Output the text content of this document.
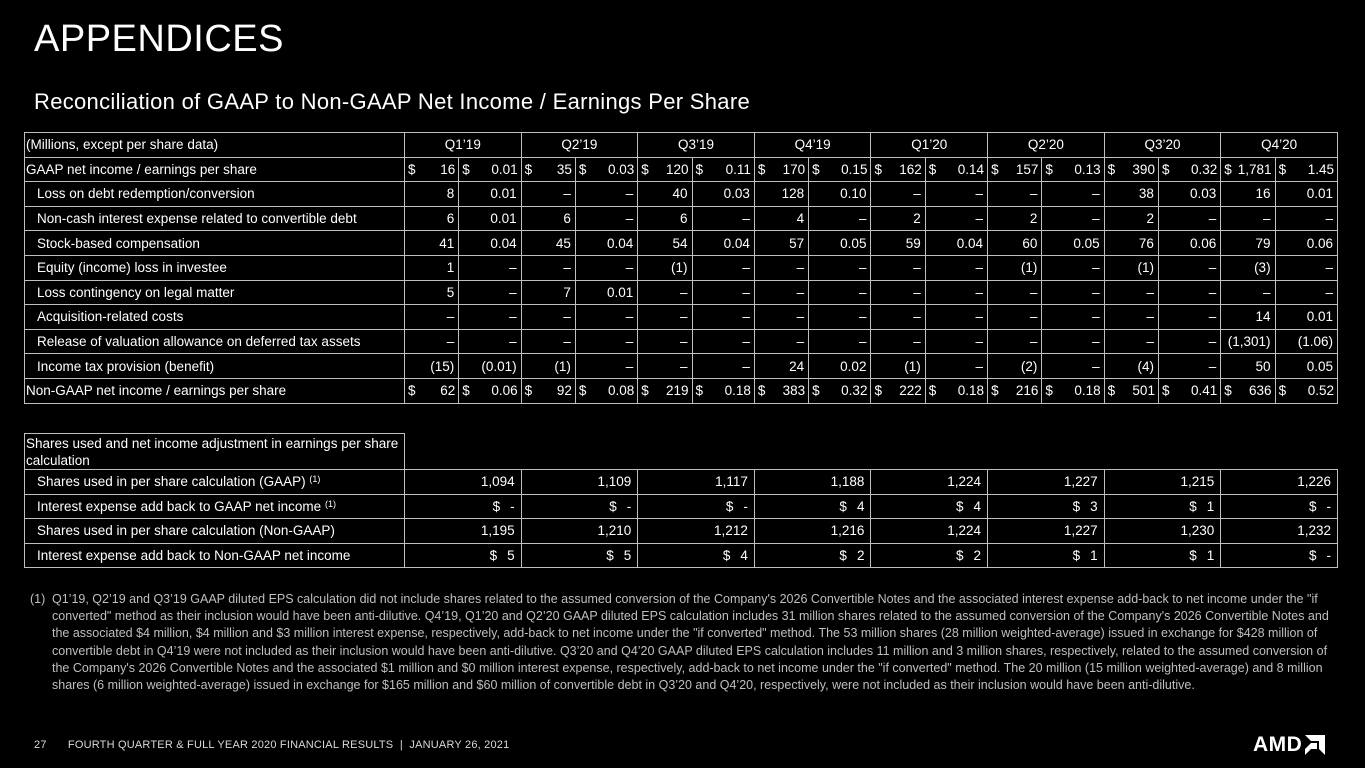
APPENDICES
Reconciliation of GAAP to Non-GAAP Net Income / Earnings Per Share
(Millions, except per share data)	Q1’19		Q2’19		Q3’19		Q4’19		Q1’20		Q2’20		Q3’20		Q4’20	
GAAP net income / earnings per share	$ 16	$ 0.01	$ 35	$ 0.03	$ 120	$ 0.11	$ 170	$ 0.15	$ 162	$ 0.14	$ 157	$ 0.13	$ 390	$ 0.32	$ 1,781	$ 1.45

Loss on debt redemption/conversion	8	0.01	–	–	40	0.03	128	0.10	–	–	–	–	38	0.03	16	0.01
Non-cash interest expense related to convertible debt	6	0.01	6	–	6	–	4	–	2	–	2	–	2	–	–	–
Stock-based compensation	41	0.04	45	0.04	54	0.04	57	0.05	59	0.04	60	0.05	76	0.06	79	0.06
Equity (income) loss in investee	1	–	–	–	(1)	–	–	–	–	–	(1)	–	(1)	–	(3)	–
Loss contingency on legal matter	5	–	7	0.01	–	–	–	–	–	–	–	–	–	–	–	–
Acquisition-related costs	–	–	–	–	–	–	–	–	–	–	–	–	–	–	14	0.01
Release of valuation allowance on deferred tax assets	–	–	–	–	–	–	–	–	–	–	–	–	–	–	(1,301)	(1.06)
Income tax provision (benefit)	(15)	(0.01)	(1)	–	–	–	24	0.02	(1)	–	(2)	–	(4)	–	50	0.05
Non-GAAP net income / earnings per share	$ 62	$ 0.06	$ 92	$ 0.08	$ 219	$ 0.18	$ 383	$ 0.32	$ 222	$ 0.18	$ 216	$ 0.18	$ 501	$ 0.41	$ 636	$ 0.52
Shares used and net income adjustment in earnings per share calculation								
Shares used in per share calculation (GAAP) $^{(1)}$	1,094	1,109	1,117	1,188	1,224	1,227	1,215	1,226
Interest expense add back to GAAP net income $^{(1)}$	$ -	$ -	$ -	$ 4	$ 4	$ 3	$ 1	$ -

Shares used in per share calculation (Non-GAAP)	1,195	1,210	1,212	1,216	1,224	1,227	1,230	1,232
Interest expense add back to Non-GAAP net income	$ 5	$ 5	$ 4	$ 2	$ 2	$ 1	$ 1	$ -
(1) Q1’19, Q2’19 and Q3’19 GAAP diluted EPS calculation did not include shares related to the assumed conversion of the Company's 2026 Convertible Notes and the associated interest expense add-back to net income under the "if converted" method as their inclusion would have been anti-dilutive. Q4’19, Q1’20 and Q2’20 GAAP diluted EPS calculation includes 31 million shares related to the assumed conversion of the Company's 2026 Convertible Notes and the associated $4 million, $4 million and $3 million interest expense, respectively, add-back to net income under the "if converted" method. The 53 million shares (28 million weighted-average) issued in exchange for $428 million of convertible debt in Q4’19 were not included as their inclusion would have been anti-dilutive. Q3’20 and Q4’20 GAAP diluted EPS calculation includes 11 million and 3 million shares, respectively, related to the assumed conversion of the Company's 2026 Convertible Notes and the associated $1 million and $0 million interest expense, respectively, add-back to net income under the "if converted" method. The 20 million (15 million weighted-average) and 8 million shares (6 million weighted-average) issued in exchange for $165 million and $60 million of convertible debt in Q3’20 and Q4’20, respectively, were not included as their inclusion would have been anti-dilutive.
27 FOURTH QUARTER & FULL YEAR 2020 FINANCIAL RESULTS  |  JANUARY 26, 2021	AMD
